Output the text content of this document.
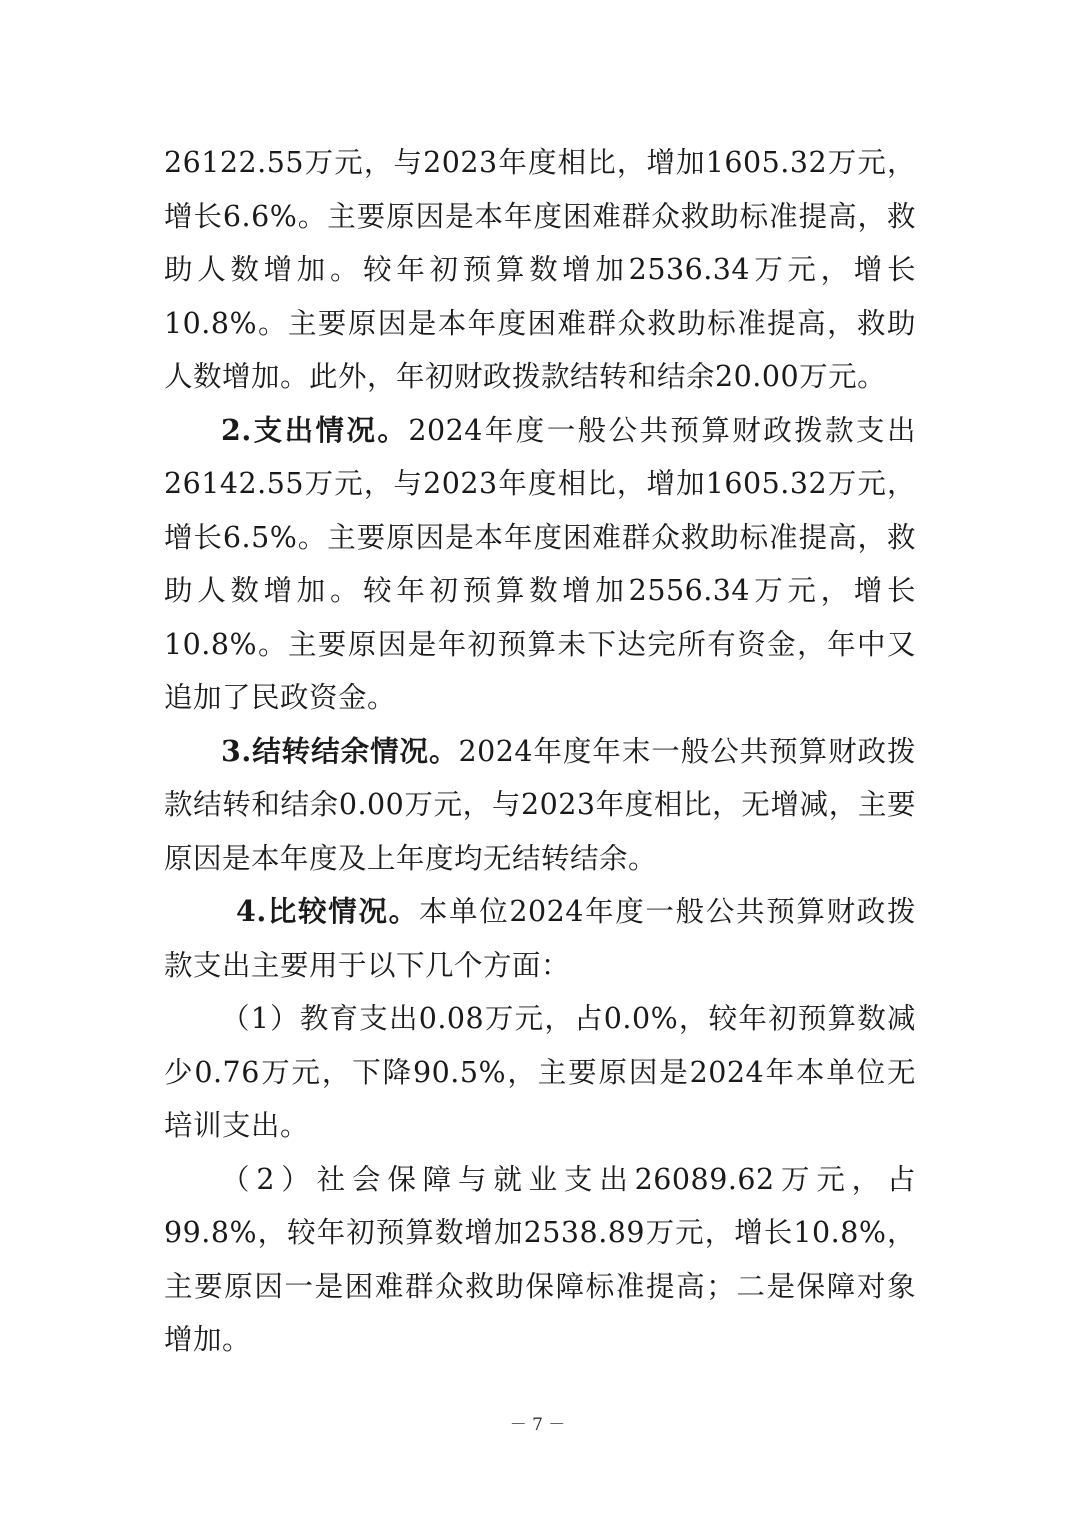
26122.55万元，与2023年度相比，增加1605.32万元，增长6.6%。主要原因是本年度困难群众救助标准提高，救助人数增加。较年初预算数增加2536.34万元，增长10.8%。主要原因是本年度困难群众救助标准提高，救助人数增加。此外，年初财政拨款结转和结余20.00万元。

2.支出情况。2024年度一般公共预算财政拨款支出26142.55万元，与2023年度相比，增加1605.32万元，增长6.5%。主要原因是本年度困难群众救助标准提高，救助人数增加。较年初预算数增加2556.34万元，增长10.8%。主要原因是年初预算未下达完所有资金，年中又追加了民政资金。

3.结转结余情况。2024年度年末一般公共预算财政拨款结转和结余0.00万元，与2023年度相比，无增减，主要原因是本年度及上年度均无结转结余。

4.比较情况。本单位2024年度一般公共预算财政拨款支出主要用于以下几个方面：

（1）教育支出0.08万元，占0.0%，较年初预算数减少0.76万元，下降90.5%，主要原因是2024年本单位无培训支出。

（2）社会保障与就业支出26089.62万元，占99.8%，较年初预算数增加2538.89万元，增长10.8%，主要原因一是困难群众救助保障标准提高；二是保障对象增加。

－ 7 －
